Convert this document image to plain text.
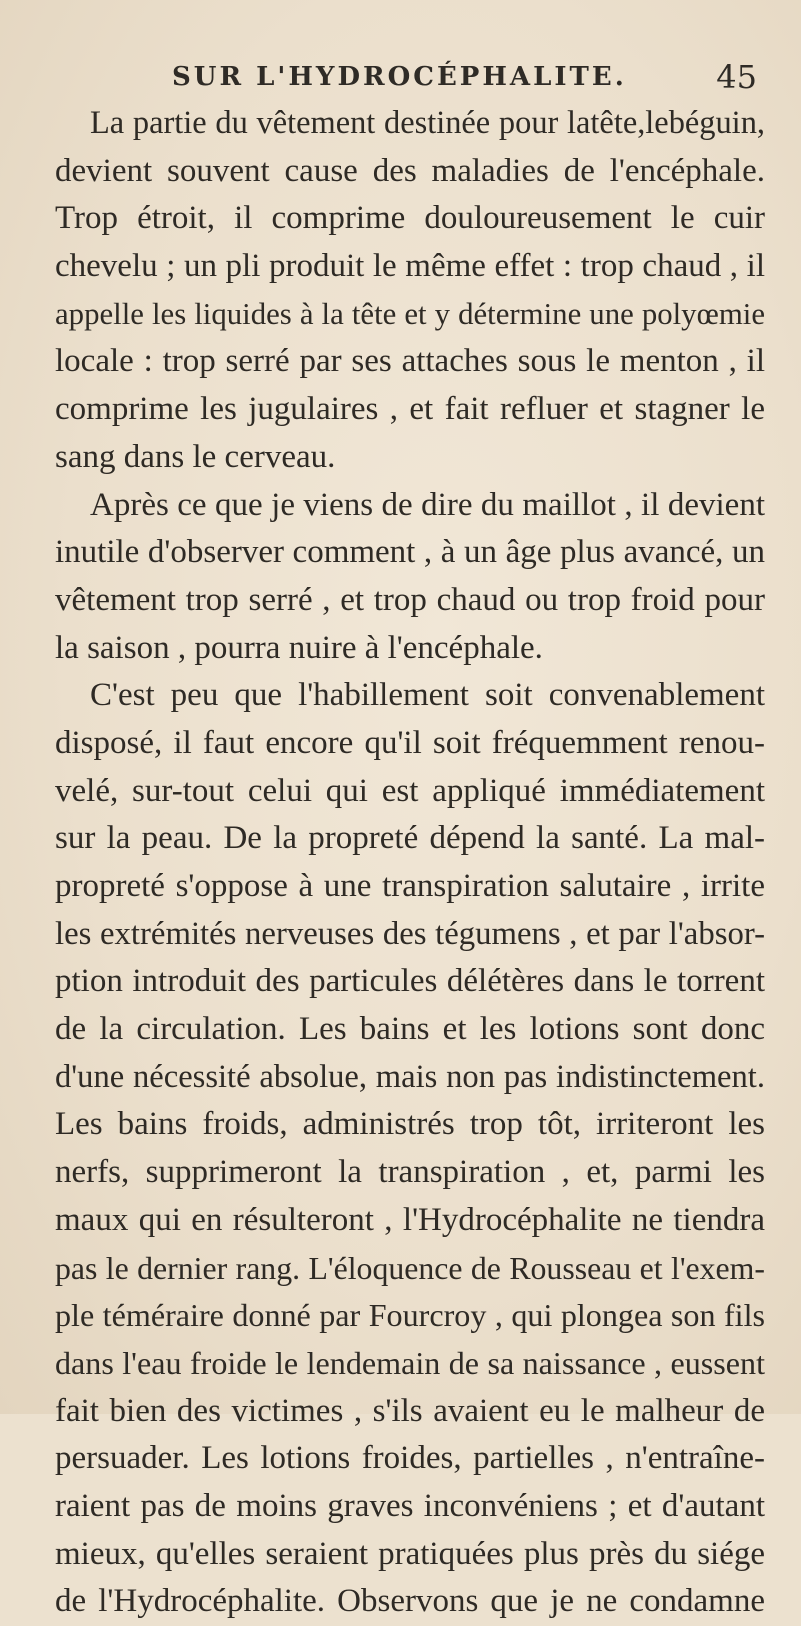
SUR L'HYDROCÉPHALITE.	45
La partie du vêtement destinée pour latête,lebéguin,
devient souvent cause des maladies de l'encéphale.
Trop étroit, il comprime douloureusement le cuir
chevelu ; un pli produit le même effet : trop chaud , il
appelle les liquides à la tête et y détermine une polyœmie
locale : trop serré par ses attaches sous le menton , il
comprime les jugulaires , et fait refluer et stagner le
sang dans le cerveau.
Après ce que je viens de dire du maillot , il devient
inutile d'observer comment , à un âge plus avancé, un
vêtement trop serré , et trop chaud ou trop froid pour
la saison , pourra nuire à l'encéphale.
C'est peu que l'habillement soit convenablement
disposé, il faut encore qu'il soit fréquemment renou-
velé, sur-tout celui qui est appliqué immédiatement
sur la peau. De la propreté dépend la santé. La mal-
propreté s'oppose à une transpiration salutaire , irrite
les extrémités nerveuses des tégumens , et par l'absor-
ption introduit des particules délétères dans le torrent
de la circulation. Les bains et les lotions sont donc
d'une nécessité absolue, mais non pas indistinctement.
Les bains froids, administrés trop tôt, irriteront les
nerfs, supprimeront la transpiration , et, parmi les
maux qui en résulteront , l'Hydrocéphalite ne tiendra
pas le dernier rang. L'éloquence de Rousseau et l'exem-
ple téméraire donné par Fourcroy , qui plongea son fils
dans l'eau froide le lendemain de sa naissance , eussent
fait bien des victimes , s'ils avaient eu le malheur de
persuader. Les lotions froides, partielles , n'entraîne-
raient pas de moins graves inconvéniens ; et d'autant
mieux, qu'elles seraient pratiquées plus près du siége
de l'Hydrocéphalite. Observons que je ne condamne
